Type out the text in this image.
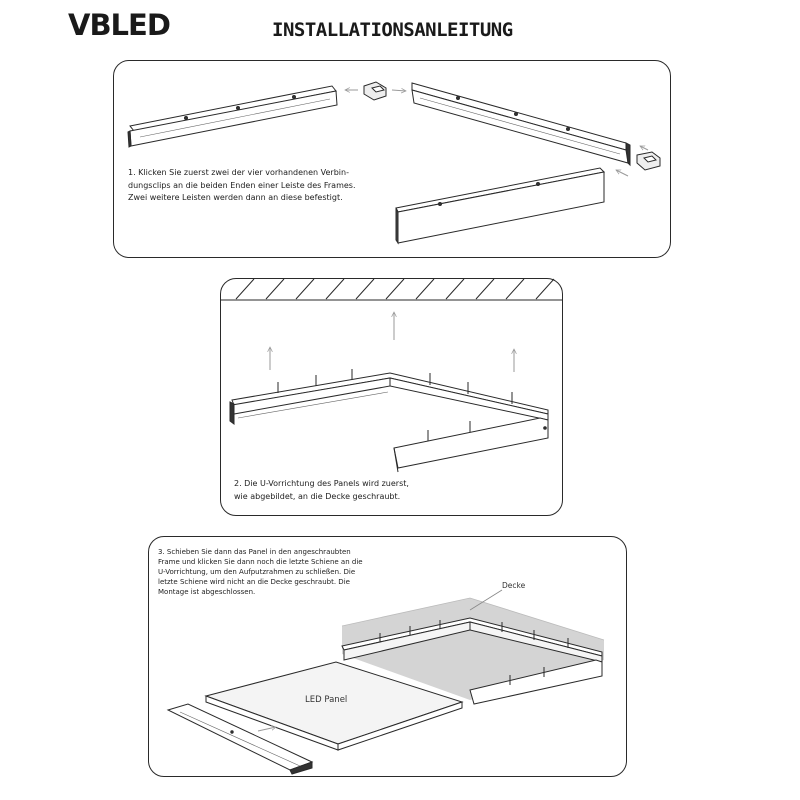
VBLED	INSTALLATIONSANLEITUNG
1. Klicken Sie zuerst zwei der vier vorhandenen Verbin-
dungsclips an die beiden Enden einer Leiste des Frames.
Zwei weitere Leisten werden dann an diese befestigt.
2. Die U-Vorrichtung des Panels wird zuerst,
wie abgebildet, an die Decke geschraubt.
3. Schieben Sie dann das Panel in den angeschraubten
Frame und klicken Sie dann noch die letzte Schiene an die
U-Vorrichtung, um den Aufputzrahmen zu schließen. Die
letzte Schiene wird nicht an die Decke geschraubt. Die
Montage ist abgeschlossen.
Decke
LED Panel
